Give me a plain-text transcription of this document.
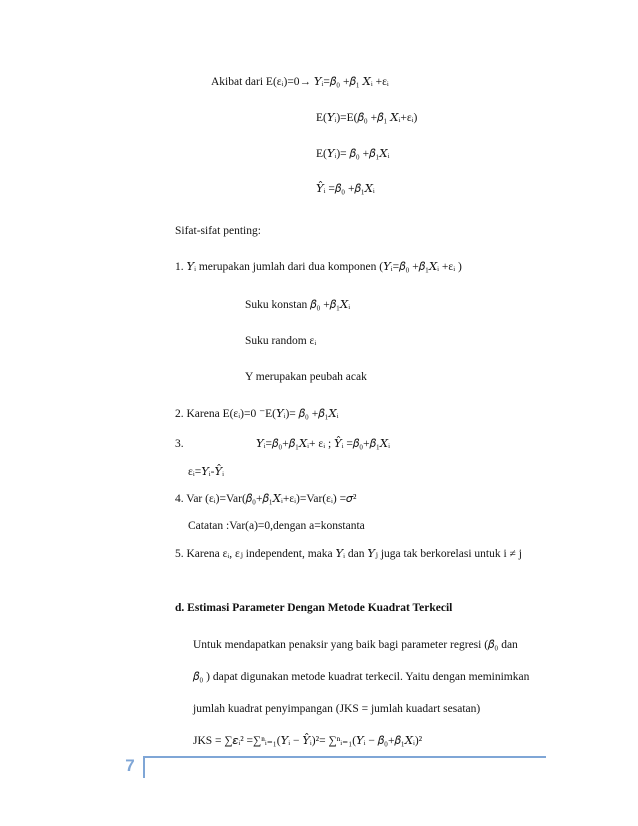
Akibat dari E(εᵢ)=0→ 𝑌ᵢ=𝛽₀ +𝛽₁ 𝑋ᵢ +εᵢ
E(𝑌ᵢ)=E(𝛽₀ +𝛽₁ 𝑋ᵢ+εᵢ)
E(𝑌ᵢ)= 𝛽₀ +𝛽₁𝑋ᵢ
𝑌̂ᵢ =𝛽₀ +𝛽₁𝑋ᵢ
Sifat-sifat penting:
1. 𝑌ᵢ merupakan jumlah dari dua komponen (𝑌ᵢ=𝛽₀ +𝛽₁𝑋ᵢ +εᵢ )
Suku konstan 𝛽₀ +𝛽₁𝑋ᵢ
Suku random εᵢ
Y merupakan peubah acak
2. Karena E(εᵢ)=0 ⁻E(𝑌ᵢ)= 𝛽₀ +𝛽₁𝑋ᵢ
3.	𝑌ᵢ=𝛽₀+𝛽₁𝑋ᵢ+ εᵢ ; 𝑌̂ᵢ =𝛽₀+𝛽₁𝑋ᵢ
εᵢ=𝑌ᵢ-𝑌̂ᵢ
4. Var (εᵢ)=Var(𝛽₀+𝛽₁𝑋ᵢ+εᵢ)=Var(εᵢ) =𝜎²
Catatan :Var(a)=0,dengan a=konstanta
5. Karena εᵢ, εⱼ independent, maka 𝑌ᵢ dan 𝑌ⱼ juga tak berkorelasi untuk i ≠ j
d. Estimasi Parameter Dengan Metode Kuadrat Terkecil
Untuk mendapatkan penaksir yang baik bagi parameter regresi (𝛽₀ dan
𝛽₀ ) dapat digunakan metode kuadrat terkecil. Yaitu dengan meminimkan
jumlah kuadrat penyimpangan (JKS = jumlah kuadart sesatan)
JKS = ∑𝜀ᵢ² =∑ⁿᵢ₌₁(𝑌ᵢ − 𝑌̂ᵢ)²= ∑ⁿᵢ₌₁(𝑌ᵢ − 𝛽₀+𝛽₁𝑋ᵢ)²
7
